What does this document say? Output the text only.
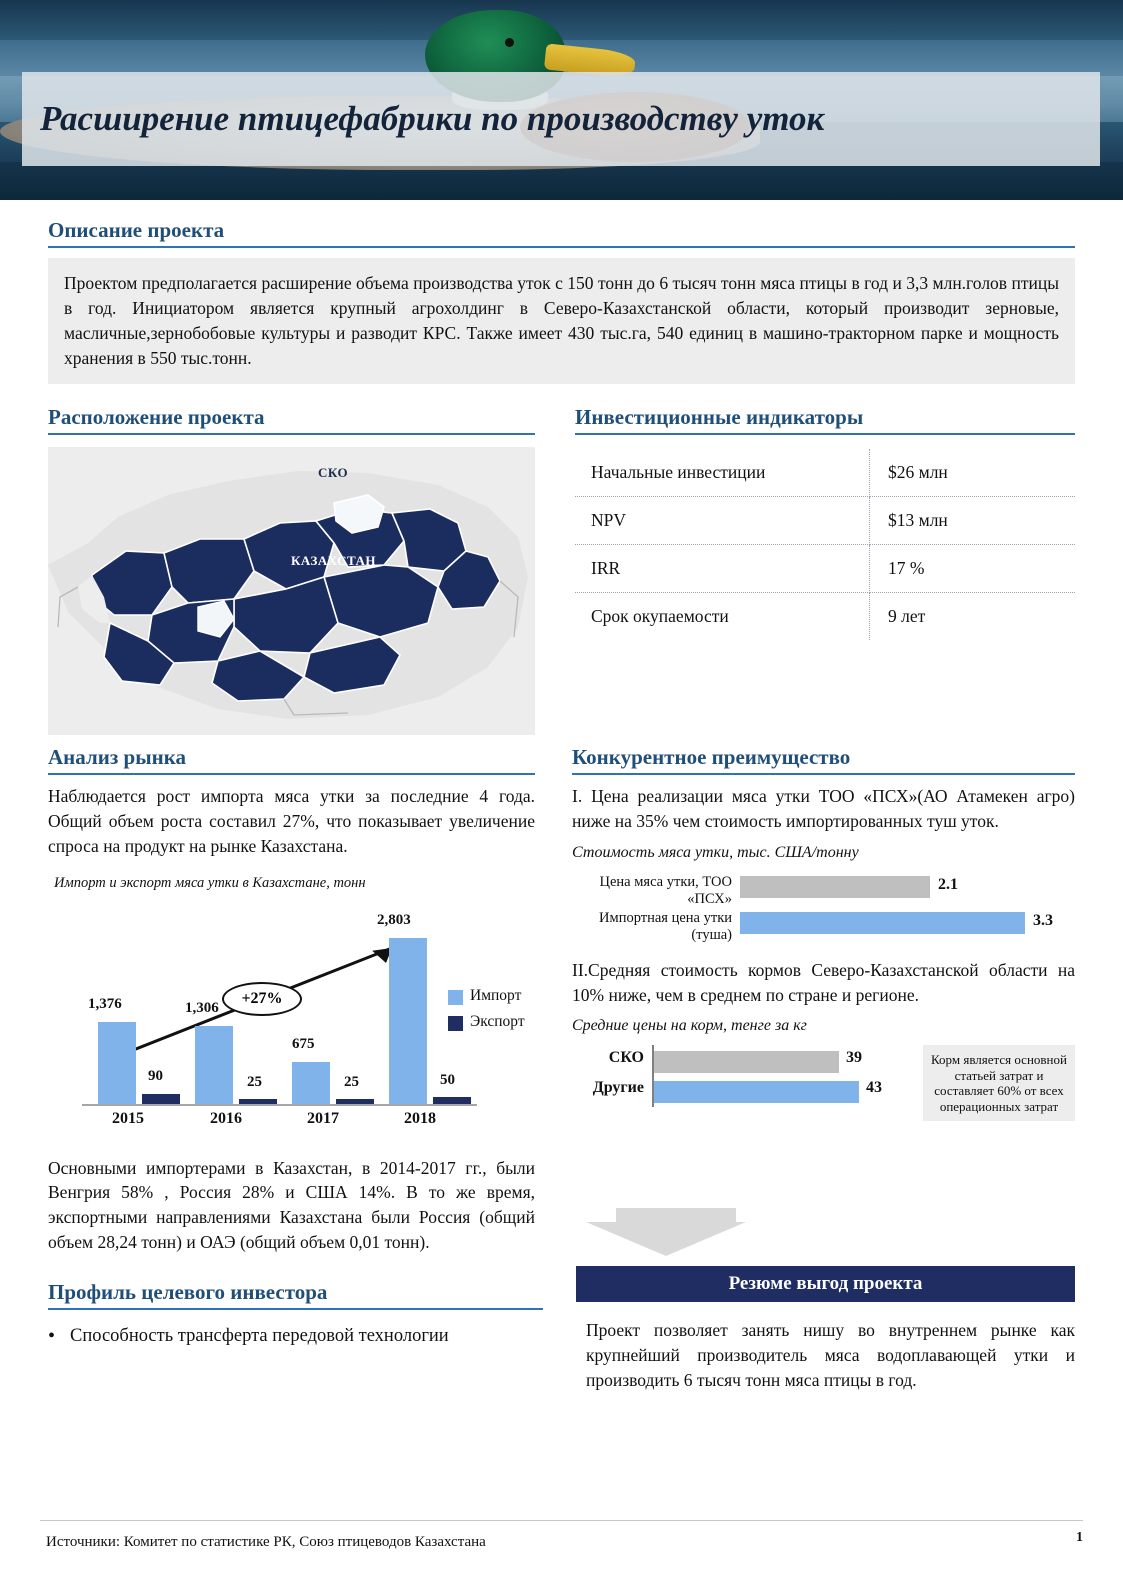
Расширение птицефабрики по производству уток
Описание проекта
Проектом предполагается расширение объема производства уток с 150 тонн до 6 тысяч тонн мяса птицы в год и 3,3 млн.голов птицы в год. Инициатором является крупный агрохолдинг в Северо-Казахстанской области, который производит зерновые, масличные,зернобобовые культуры и разводит КРС. Также имеет 430 тыс.га, 540 единиц в машино-тракторном парке и мощность хранения в 550 тыс.тонн.
Расположение проекта
КАЗАХСТАН
СКО
Инвестиционные индикаторы
Начальные инвестиции	$26 млн
NPV	$13 млн
IRR	17 %
Срок окупаемости	9 лет
Анализ рынка
Наблюдается рост импорта мяса утки за последние 4 года. Общий объем роста составил 27%, что показывает увеличение спроса на продукт на рынке Казахстана.
Импорт и экспорт мяса утки в Казахстане, тонн
+27%
1,376
90
2015
1,306
25
2016
675
25
2017
2,803
50
2018
Импорт
Экспорт
Основными импортерами в Казахстан, в 2014-2017 гг., были Венгрия 58% , Россия 28% и США 14%. В то же время, экспортными направлениями Казахстана были Россия (общий объем 28,24 тонн) и ОАЭ (общий объем 0,01 тонн).
Профиль целевого инвестора
• Способность трансферта передовой технологии
Конкурентное преимущество
I. Цена реализации мяса утки ТОО «ПСХ»(АО Атамекен агро) ниже на 35% чем стоимость импортированных туш уток.
Стоимость мяса утки, тыс. США/тонну
Цена мяса утки, ТОО «ПСХ»
2.1
Импортная цена утки (туша)
3.3
II.Средняя стоимость кормов Северо-Казахстанской области на 10% ниже, чем в среднем по стране и регионе.
Средние цены на корм, тенге за кг
СКО	39
Другие	43
Корм является основной статьей затрат и составляет 60% от всех операционных затрат
Резюме выгод проекта
Проект позволяет занять нишу во внутреннем рынке как крупнейший производитель мяса водоплавающей утки и производить 6 тысяч тонн мяса птицы в год.
Источники: Комитет по статистике РК, Союз птицеводов Казахстана	1
